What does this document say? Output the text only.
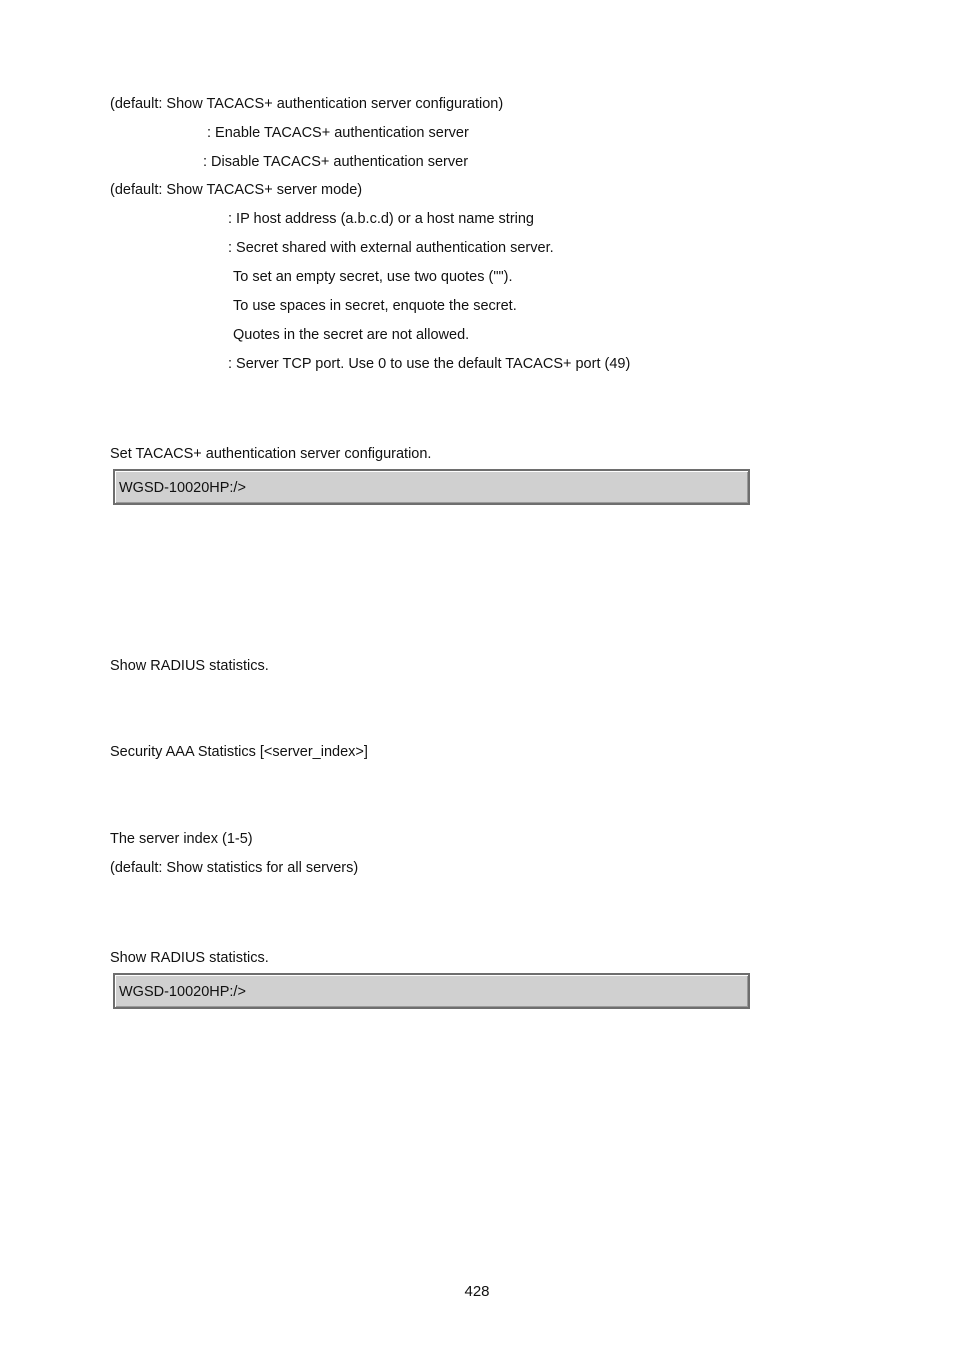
(default: Show TACACS+ authentication server configuration)
: Enable TACACS+ authentication server
: Disable TACACS+ authentication server
(default: Show TACACS+ server mode)
: IP host address (a.b.c.d) or a host name string
: Secret shared with external authentication server.
To set an empty secret, use two quotes ("").
To use spaces in secret, enquote the secret.
Quotes in the secret are not allowed.
: Server TCP port. Use 0 to use the default TACACS+ port (49)
Set TACACS+ authentication server configuration.
WGSD-10020HP:/>
Show RADIUS statistics.
Security AAA Statistics [<server_index>]
The server index (1-5)
(default: Show statistics for all servers)
Show RADIUS statistics.
WGSD-10020HP:/>
428
